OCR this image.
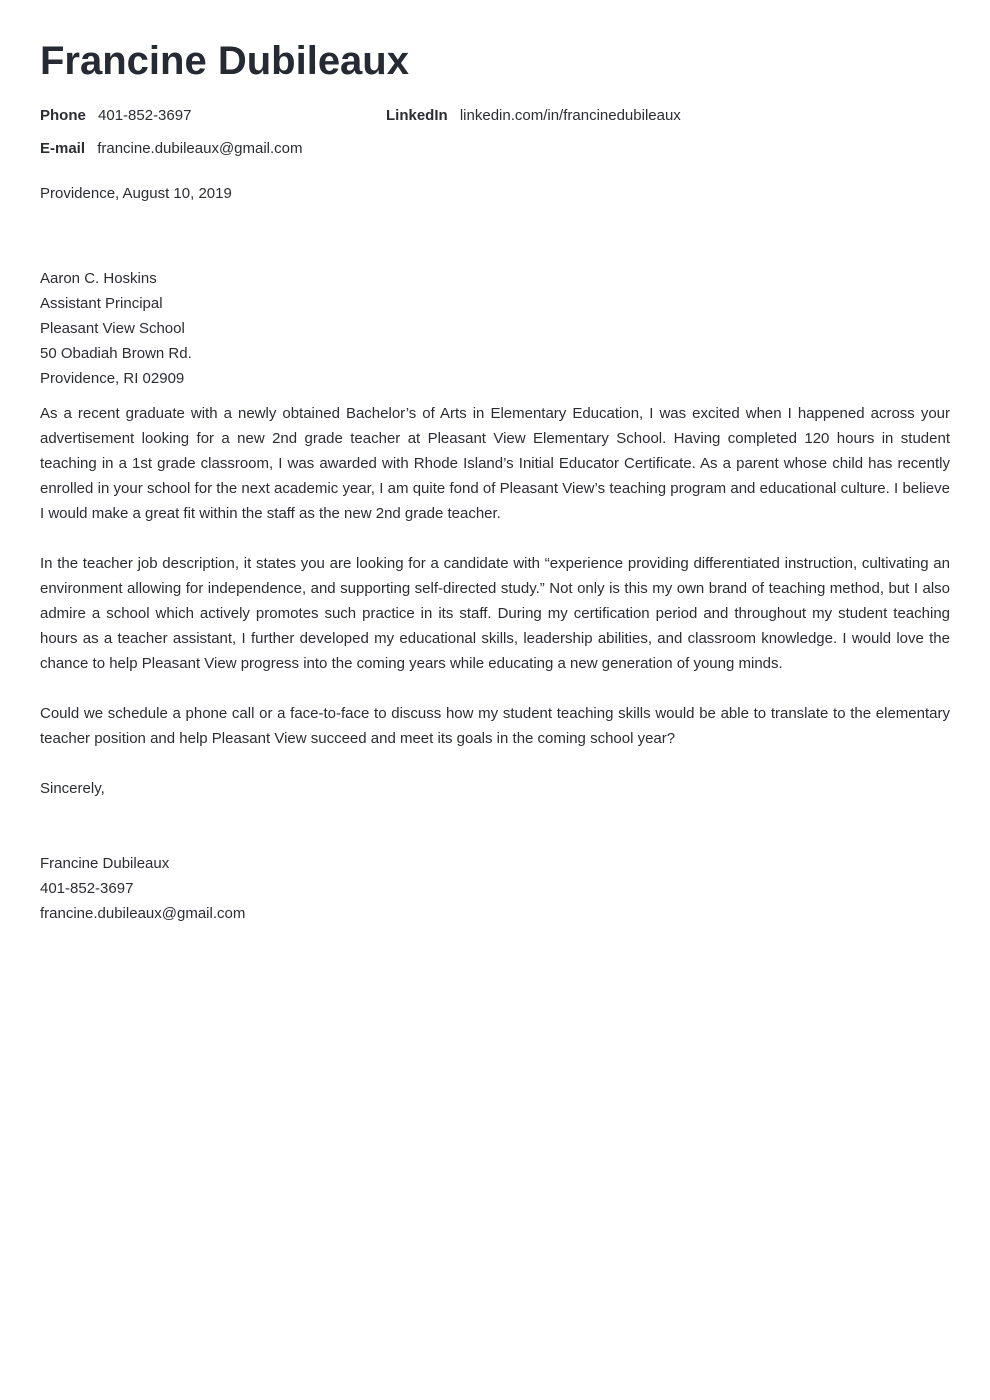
Francine Dubileaux
Phone 401-852-3697	LinkedIn linkedin.com/in/francinedubileaux
E-mail francine.dubileaux@gmail.com
Providence, August 10, 2019
Aaron C. Hoskins
Assistant Principal
Pleasant View School
50 Obadiah Brown Rd.
Providence, RI 02909

As a recent graduate with a newly obtained Bachelor’s of Arts in Elementary Education, I was excited when I happened across your advertisement looking for a new 2nd grade teacher at Pleasant View Elementary School. Having completed 120 hours in student teaching in a 1st grade classroom, I was awarded with Rhode Island’s Initial Educator Certificate. As a parent whose child has recently enrolled in your school for the next academic year, I am quite fond of Pleasant View’s teaching program and educational culture. I believe I would make a great fit within the staff as the new 2nd grade teacher.

In the teacher job description, it states you are looking for a candidate with “experience providing differentiated instruction, cultivating an environment allowing for independence, and supporting self-directed study.” Not only is this my own brand of teaching method, but I also admire a school which actively promotes such practice in its staff. During my certification period and throughout my student teaching hours as a teacher assistant, I further developed my educational skills, leadership abilities, and classroom knowledge. I would love the chance to help Pleasant View progress into the coming years while educating a new generation of young minds.

Could we schedule a phone call or a face-to-face to discuss how my student teaching skills would be able to translate to the elementary teacher position and help Pleasant View succeed and meet its goals in the coming school year?

Sincerely,
Francine Dubileaux
401-852-3697
francine.dubileaux@gmail.com
